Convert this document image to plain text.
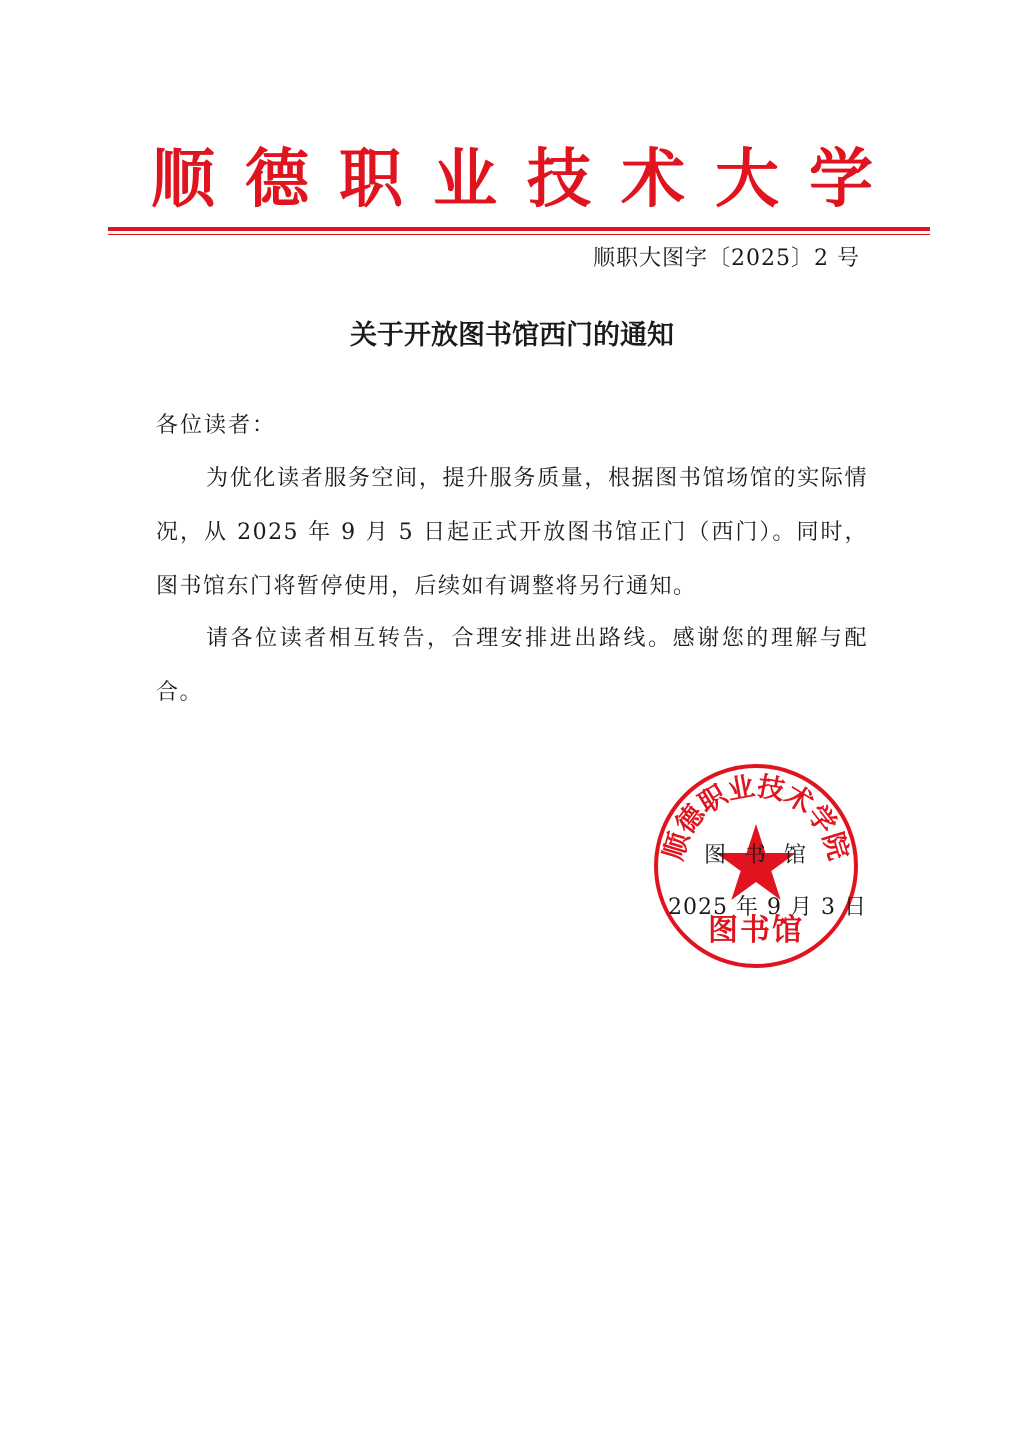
顺德职业技术大学
顺职大图字〔2025〕2 号
关于开放图书馆西门的通知
各位读者：
为优化读者服务空间，提升服务质量，根据图书馆场馆的实际情况，从 2025 年 9 月 5 日起正式开放图书馆正门（西门）。同时，图书馆东门将暂停使用，后续如有调整将另行通知。
请各位读者相互转告，合理安排进出路线。感谢您的理解与配合。
顺德职业技术学院
图书馆
图书馆
2025 年 9 月 3 日
